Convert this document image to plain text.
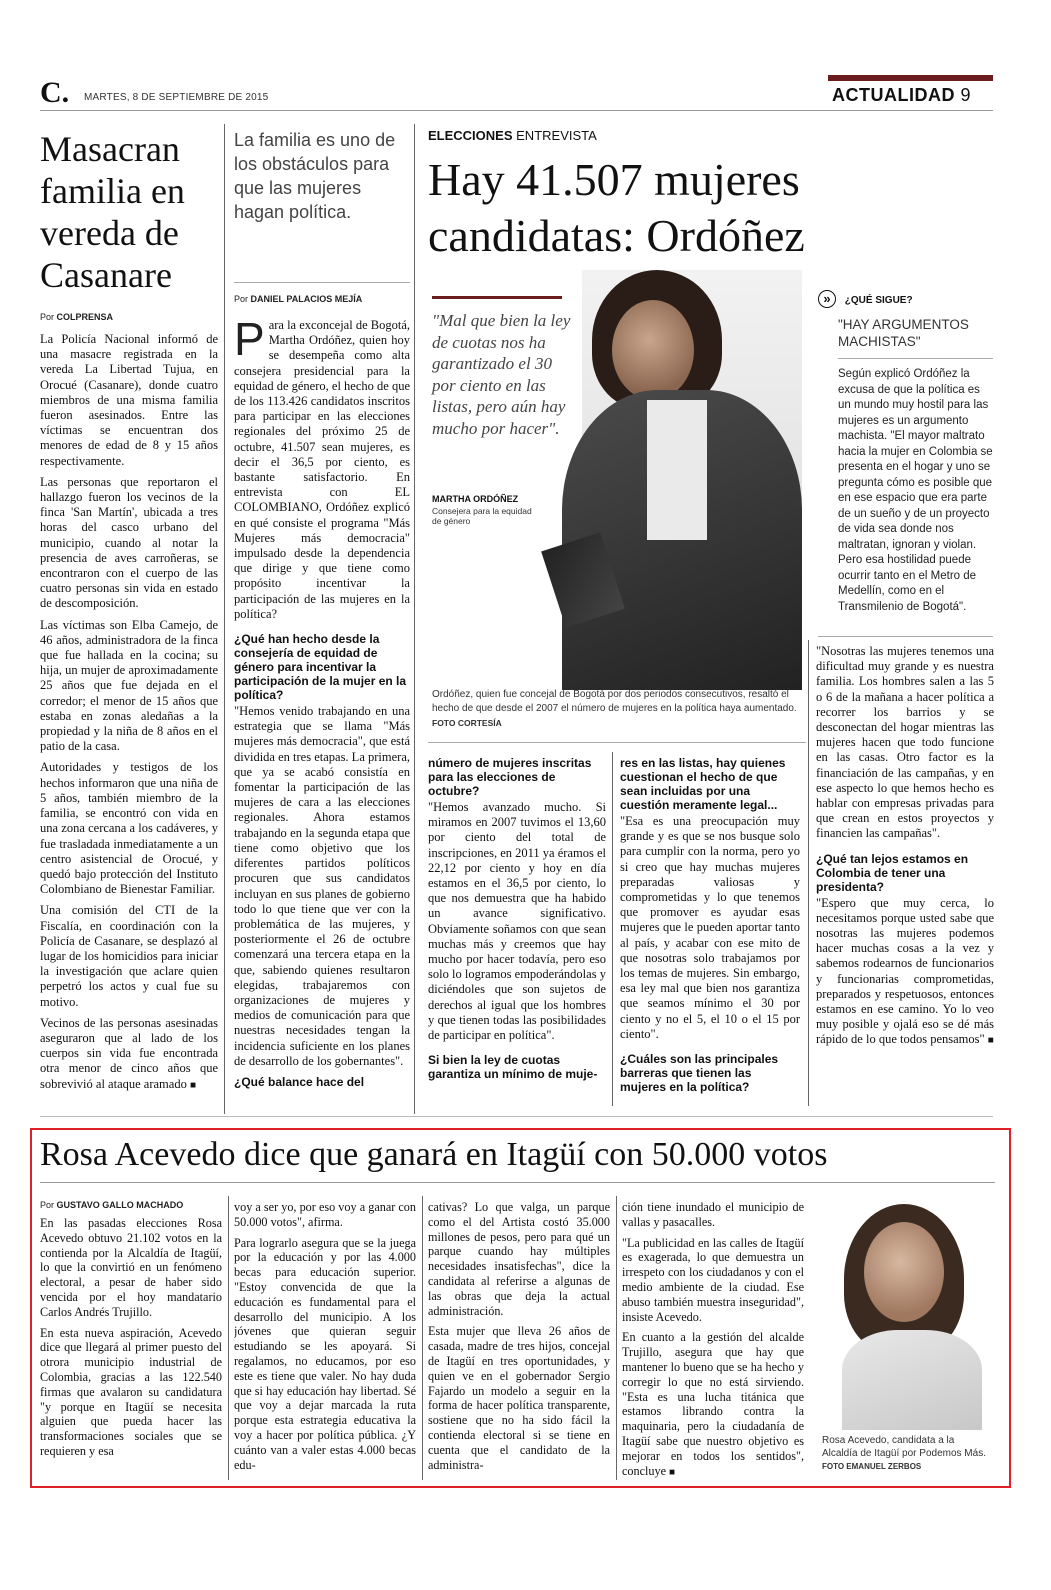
C. MARTES, 8 DE SEPTIEMBRE DE 2015	ACTUALIDAD 9
Masacran familia en vereda de Casanare
Por COLPRENSA

La Policía Nacional informó de una masacre registrada en la vereda La Libertad Tujua, en Orocué (Casanare), donde cuatro miembros de una misma familia fueron asesinados. Entre las víctimas se encuentran dos menores de edad de 8 y 15 años respectivamente.

Las personas que reportaron el hallazgo fueron los vecinos de la finca 'San Martín', ubicada a tres horas del casco urbano del municipio, cuando al notar la presencia de aves carroñeras, se encontraron con el cuerpo de las cuatro personas sin vida en estado de descomposición.

Las víctimas son Elba Camejo, de 46 años, administradora de la finca que fue hallada en la cocina; su hija, un mujer de aproximadamente 25 años que fue dejada en el corredor; el menor de 15 años que estaba en zonas aledañas a la propiedad y la niña de 8 años en el patio de la casa.

Autoridades y testigos de los hechos informaron que una niña de 5 años, también miembro de la familia, se encontró con vida en una zona cercana a los cadáveres, y fue trasladada inmediatamente a un centro asistencial de Orocué, y quedó bajo protección del Instituto Colombiano de Bienestar Familiar.

Una comisión del CTI de la Fiscalía, en coordinación con la Policía de Casanare, se desplazó al lugar de los homicidios para iniciar la investigación que aclare quien perpetró los actos y cual fue su motivo.

Vecinos de las personas asesinadas aseguraron que al lado de los cuerpos sin vida fue encontrada otra menor de cinco años que sobrevivió al ataque aramado ■

La familia es uno de los obstáculos para que las mujeres hagan política.
ELECCIONES ENTREVISTA
Hay 41.507 mujeres candidatas: Ordóñez
Por DANIEL PALACIOS MEJÍA

Para la exconcejal de Bogotá, Martha Ordóñez, quien hoy se desempeña como alta consejera presidencial para la equidad de género, el hecho de que de los 113.426 candidatos inscritos para participar en las elecciones regionales del próximo 25 de octubre, 41.507 sean mujeres, es decir el 36,5 por ciento, es bastante satisfactorio. En entrevista con EL COLOMBIANO, Ordóñez explicó en qué consiste el programa "Más Mujeres más democracia" impulsado desde la dependencia que dirige y que tiene como propósito incentivar la participación de las mujeres en la política?

¿Qué han hecho desde la consejería de equidad de género para incentivar la participación de la mujer en la política?

"Hemos venido trabajando en una estrategia que se llama "Más mujeres más democracia", que está dividida en tres etapas. La primera, que ya se acabó consistía en fomentar la participación de las mujeres de cara a las elecciones regionales. Ahora estamos trabajando en la segunda etapa que tiene como objetivo que los diferentes partidos políticos procuren que sus candidatos incluyan en sus planes de gobierno todo lo que tiene que ver con la problemática de las mujeres, y posteriormente el 26 de octubre comenzará una tercera etapa en la que, sabiendo quienes resultaron elegidas, trabajaremos con organizaciones de mujeres y medios de comunicación para que nuestras necesidades tengan la incidencia suficiente en los planes de desarrollo de los gobernantes".

¿Qué balance hace del
"Mal que bien la ley de cuotas nos ha garantizado el 30 por ciento en las listas, pero aún hay mucho por hacer".
MARTHA ORDÓÑEZ
Consejera para la equidad de género
Ordóñez, quien fue concejal de Bogotá por dos periodos consecutivos, resaltó el hecho de que desde el 2007 el número de mujeres en la política haya aumentado. FOTO CORTESÍA
» ¿QUÉ SIGUE?
"HAY ARGUMENTOS MACHISTAS"
Según explicó Ordóñez la excusa de que la política es un mundo muy hostil para las mujeres es un argumento machista. "El mayor maltrato hacia la mujer en Colombia se presenta en el hogar y uno se pregunta cómo es posible que en ese espacio que era parte de un sueño y de un proyecto de vida sea donde nos maltratan, ignoran y violan. Pero esa hostilidad puede ocurrir tanto en el Metro de Medellín, como en el Transmilenio de Bogotá".
número de mujeres inscritas para las elecciones de octubre?

"Hemos avanzado mucho. Si miramos en 2007 tuvimos el 13,60 por ciento del total de inscripciones, en 2011 ya éramos el 22,12 por ciento y hoy en día estamos en el 36,5 por ciento, lo que nos demuestra que ha habido un avance significativo. Obviamente soñamos con que sean muchas más y creemos que hay mucho por hacer todavía, pero eso solo lo logramos empoderándolas y diciéndoles que son sujetos de derechos al igual que los hombres y que tienen todas las posibilidades de participar en política".

Si bien la ley de cuotas garantiza un mínimo de muje-
res en las listas, hay quienes cuestionan el hecho de que sean incluidas por una cuestión meramente legal...

"Esa es una preocupación muy grande y es que se nos busque solo para cumplir con la norma, pero yo si creo que hay muchas mujeres preparadas valiosas y comprometidas y lo que tenemos que promover es ayudar esas mujeres que le pueden aportar tanto al país, y acabar con ese mito de que nosotras solo trabajamos por los temas de mujeres. Sin embargo, esa ley mal que bien nos garantiza que seamos mínimo el 30 por ciento y no el 5, el 10 o el 15 por ciento".

¿Cuáles son las principales barreras que tienen las mujeres en la política?

"Nosotras las mujeres tenemos una dificultad muy grande y es nuestra familia. Los hombres salen a las 5 o 6 de la mañana a hacer política a recorrer los barrios y se desconectan del hogar mientras las mujeres hacen que todo funcione en las casas. Otro factor es la financiación de las campañas, y en ese aspecto lo que hemos hecho es hablar con empresas privadas para que crean en estos proyectos y financien las campañas".

¿Qué tan lejos estamos en Colombia de tener una presidenta?

"Espero que muy cerca, lo necesitamos porque usted sabe que nosotras las mujeres podemos hacer muchas cosas a la vez y sabemos rodearnos de funcionarios y funcionarias comprometidas, preparados y respetuosos, entonces estamos en ese camino. Yo lo veo muy posible y ojalá eso se dé más rápido de lo que todos pensamos" ■

Rosa Acevedo dice que ganará en Itagüí con 50.000 votos
Por GUSTAVO GALLO MACHADO

En las pasadas elecciones Rosa Acevedo obtuvo 21.102 votos en la contienda por la Alcaldía de Itagüí, lo que la convirtió en un fenómeno electoral, a pesar de haber sido vencida por el hoy mandatario Carlos Andrés Trujillo.

En esta nueva aspiración, Acevedo dice que llegará al primer puesto del otrora municipio industrial de Colombia, gracias a las 122.540 firmas que avalaron su candidatura "y porque en Itagüí se necesita alguien que pueda hacer las transformaciones sociales que se requieren y esa

voy a ser yo, por eso voy a ganar con 50.000 votos", afirma.

Para lograrlo asegura que se la juega por la educación y por las 4.000 becas para educación superior. "Estoy convencida de que la educación es fundamental para el desarrollo del municipio. A los jóvenes que quieran seguir estudiando se les apoyará. Si regalamos, no educamos, por eso este es tiene que valer. No hay duda que si hay educación hay libertad. Sé que voy a dejar marcada la ruta porque esta estrategia educativa la voy a hacer por política pública. ¿Y cuánto van a valer estas 4.000 becas edu-

cativas? Lo que valga, un parque como el del Artista costó 35.000 millones de pesos, pero para qué un parque cuando hay múltiples necesidades insatisfechas", dice la candidata al referirse a algunas de las obras que deja la actual administración.

Esta mujer que lleva 26 años de casada, madre de tres hijos, concejal de Itagüí en tres oportunidades, y quien ve en el gobernador Sergio Fajardo un modelo a seguir en la forma de hacer política transparente, sostiene que no ha sido fácil la contienda electoral si se tiene en cuenta que el candidato de la administra-

ción tiene inundado el municipio de vallas y pasacalles.

"La publicidad en las calles de Itagüí es exagerada, lo que demuestra un irrespeto con los ciudadanos y con el medio ambiente de la ciudad. Ese abuso también muestra inseguridad", insiste Acevedo.

En cuanto a la gestión del alcalde Trujillo, asegura que hay que mantener lo bueno que se ha hecho y corregir lo que no está sirviendo. "Esta es una lucha titánica que estamos librando contra la maquinaria, pero la ciudadanía de Itagüí sabe que nuestro objetivo es mejorar en todos los sentidos", concluye ■

Rosa Acevedo, candidata a la Alcaldía de Itagüí por Podemos Más. FOTO EMANUEL ZERBOS
